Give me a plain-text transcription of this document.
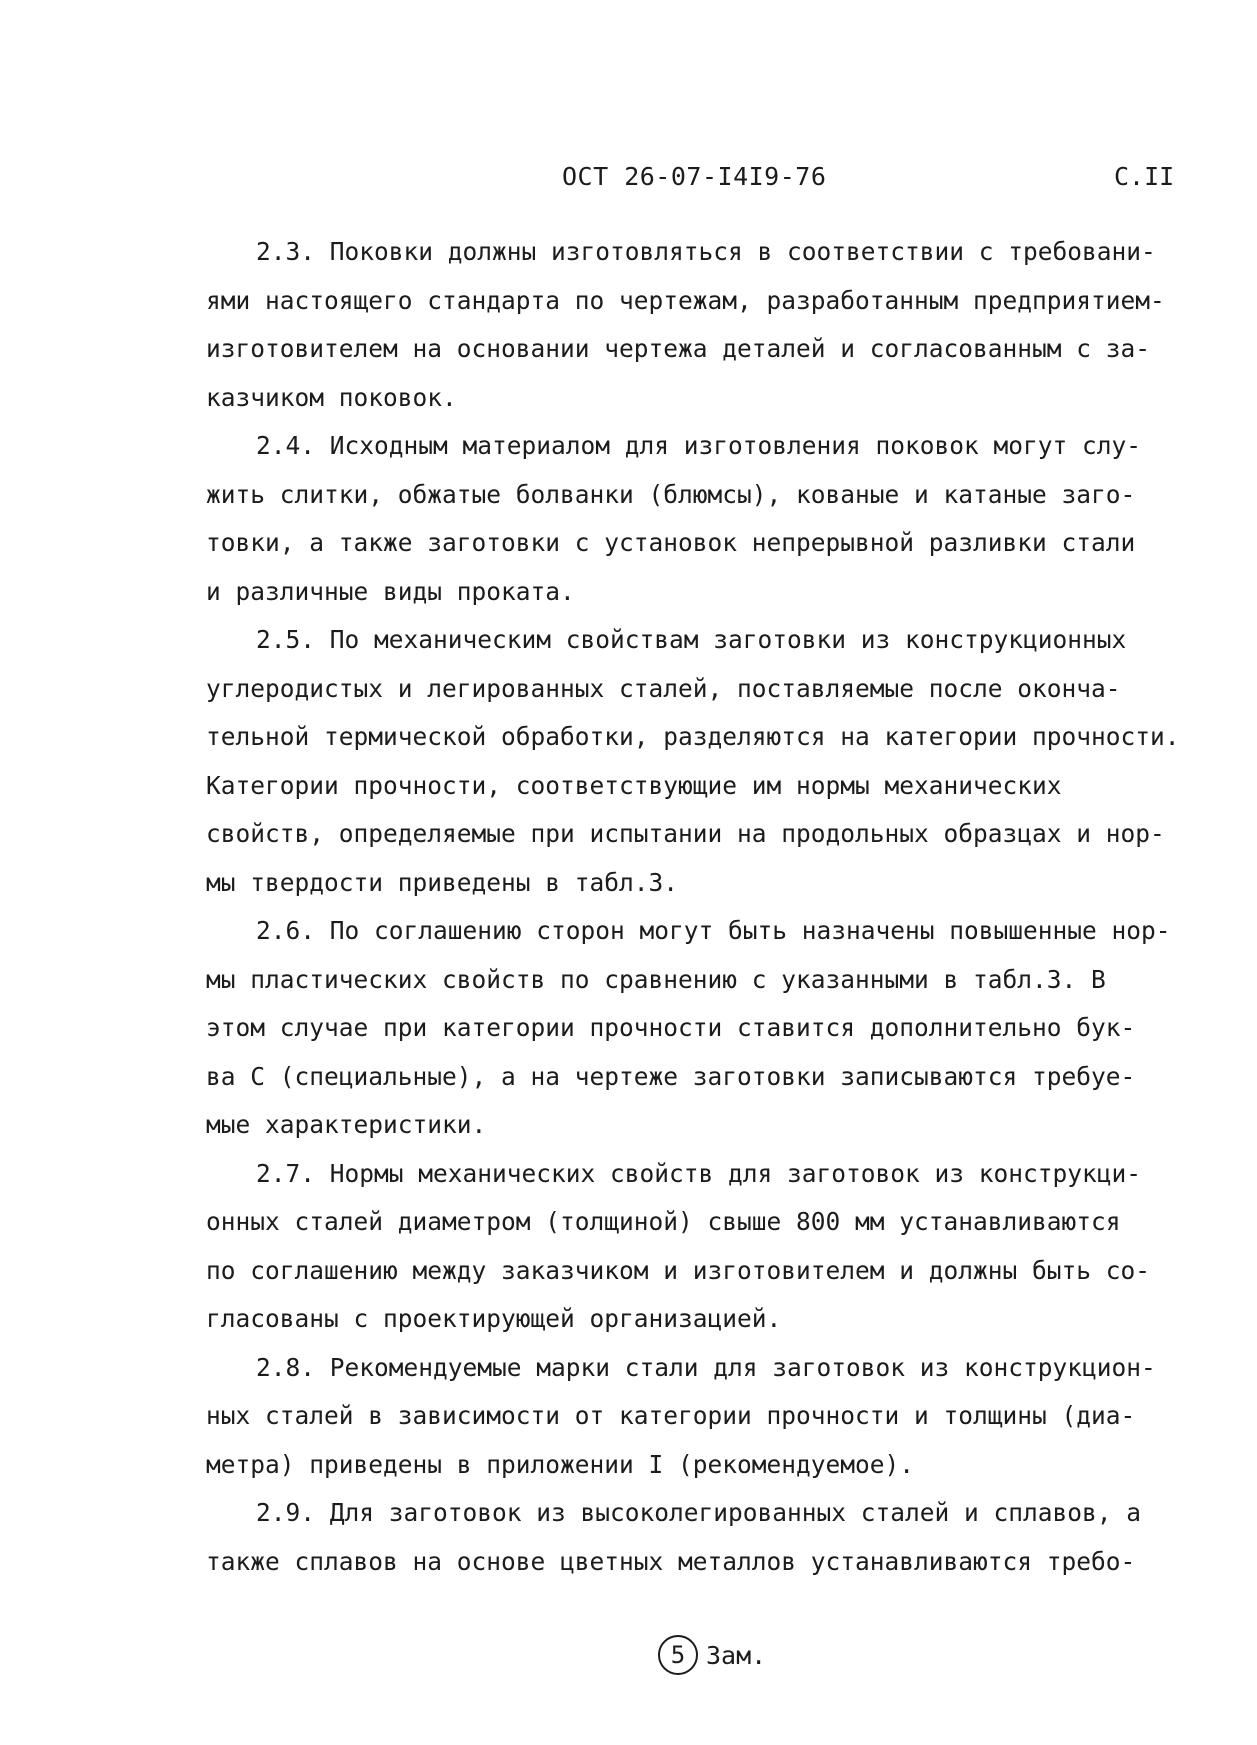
ОСТ 26-07-I4I9-76	С.II
2.3. Поковки должны изготовляться в соответствии с требовани-
ями настоящего стандарта по чертежам, разработанным предприятием-
изготовителем на основании чертежа деталей и согласованным с за-
казчиком поковок.
2.4. Исходным материалом для изготовления поковок могут слу-
жить слитки, обжатые болванки (блюмсы), кованые и катаные заго-
товки, а также заготовки с установок непрерывной разливки стали
и различные виды проката.
2.5. По механическим свойствам заготовки из конструкционных
углеродистых и легированных сталей, поставляемые после оконча-
тельной термической обработки, разделяются на категории прочности.
Категории прочности, соответствующие им нормы механических
свойств, определяемые при испытании на продольных образцах и нор-
мы твердости приведены в табл.3.
2.6. По соглашению сторон могут быть назначены повышенные нор-
мы пластических свойств по сравнению с указанными в табл.3. В
этом случае при категории прочности ставится дополнительно бук-
ва С (специальные), а на чертеже заготовки записываются требуе-
мые характеристики.
2.7. Нормы механических свойств для заготовок из конструкци-
онных сталей диаметром (толщиной) свыше 800 мм устанавливаются
по соглашению между заказчиком и изготовителем и должны быть со-
гласованы с проектирующей организацией.
2.8. Рекомендуемые марки стали для заготовок из конструкцион-
ных сталей в зависимости от категории прочности и толщины (диа-
метра) приведены в приложении I (рекомендуемое).
2.9. Для заготовок из высоколегированных сталей и сплавов, а
также сплавов на основе цветных металлов устанавливаются требо-
5 Зам.
